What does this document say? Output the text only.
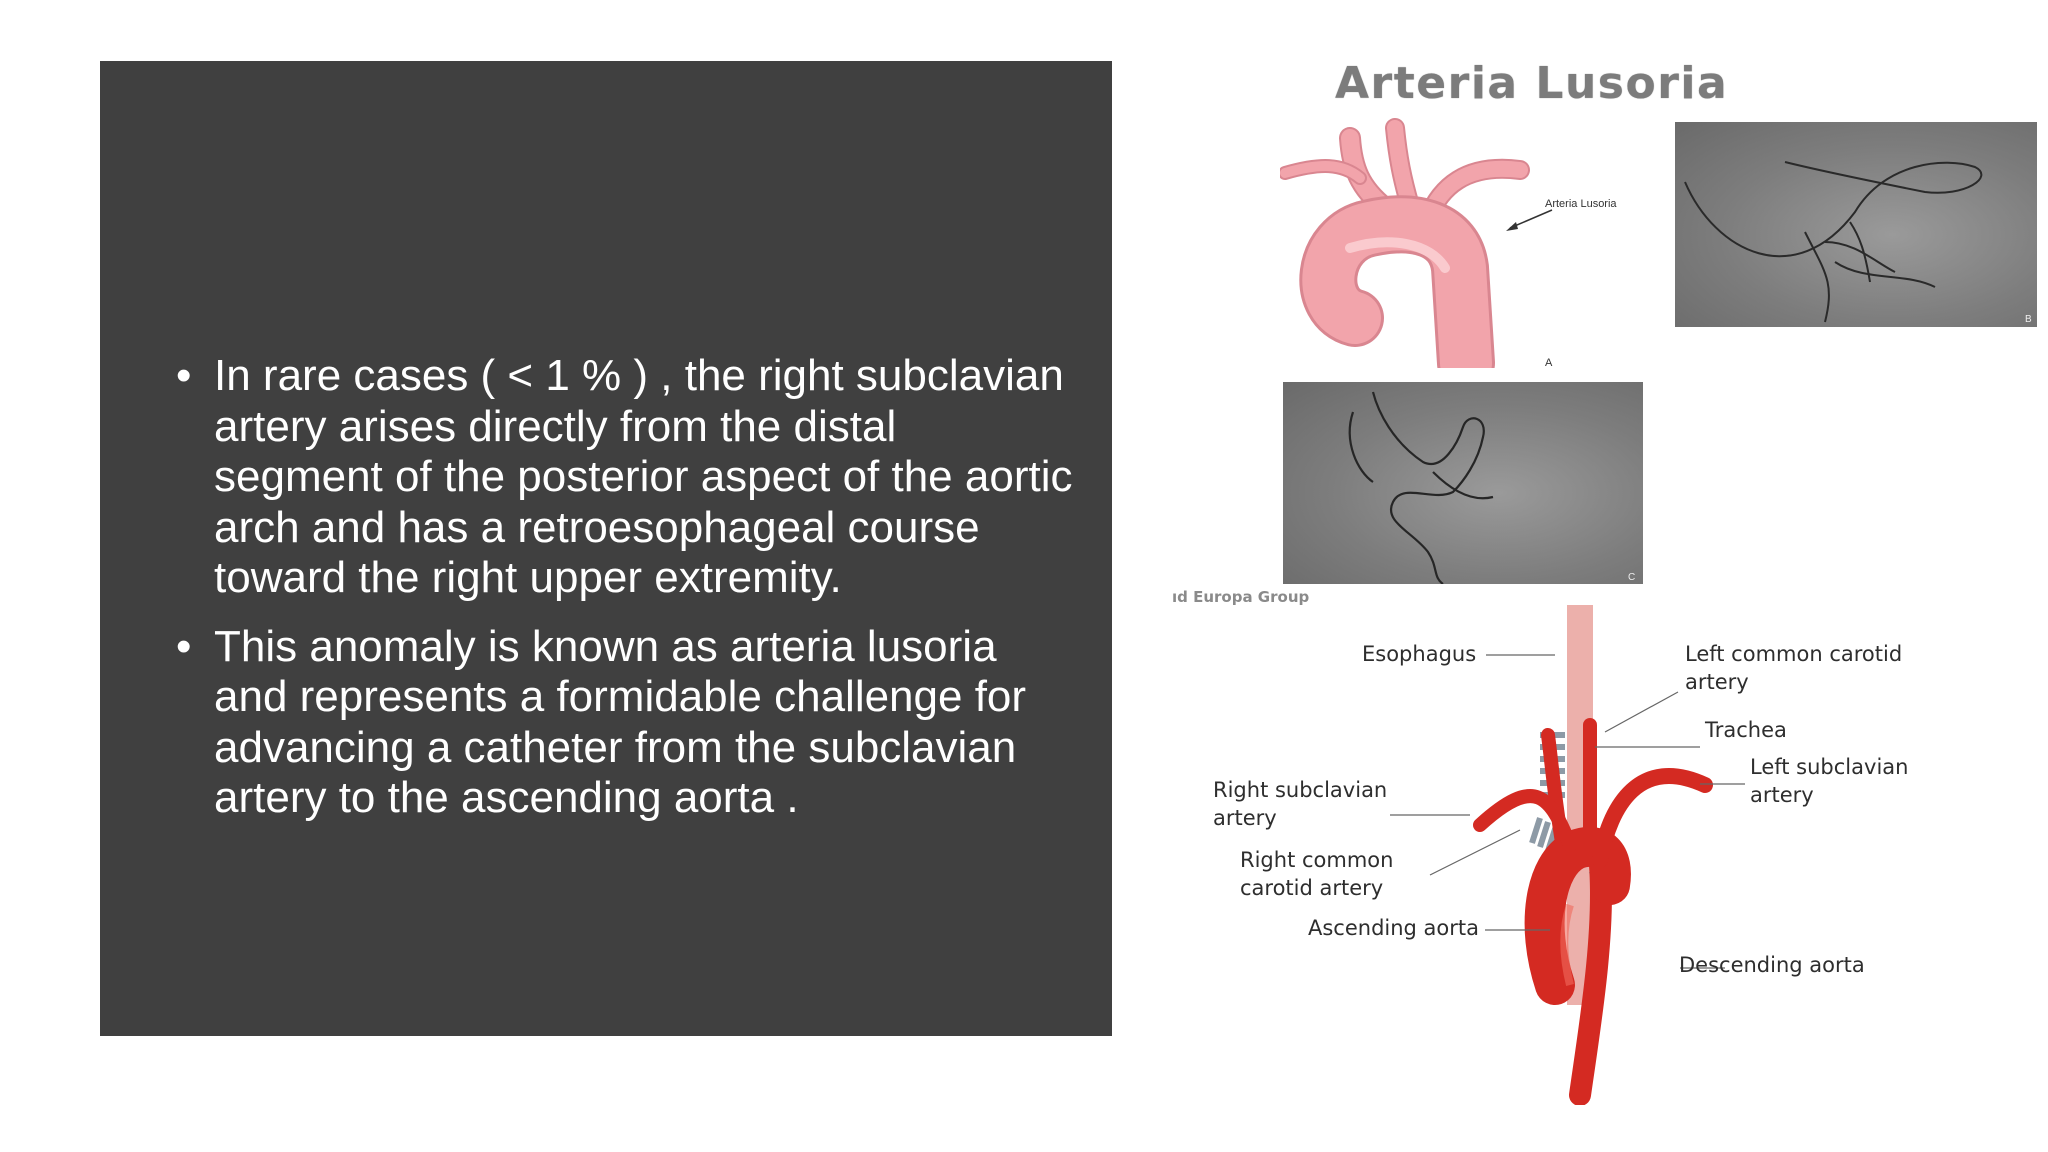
• In rare cases ( < 1 % ) , the right subclavian artery arises directly from the distal segment of the posterior aspect of the aortic arch and has a retroesophageal course toward the right upper extremity.
• This anomaly is known as arteria lusoria and represents a formidable challenge for advancing a catheter from the subclavian artery to the ascending aorta .
Arteria Lusoria
A
Arteria Lusoria
B
C
ıd Europa Group
Esophagus	Left common carotid
artery
Trachea
Left subclavian
artery
Right subclavian
artery
Right common
carotid artery
Ascending aorta
Descending aorta
